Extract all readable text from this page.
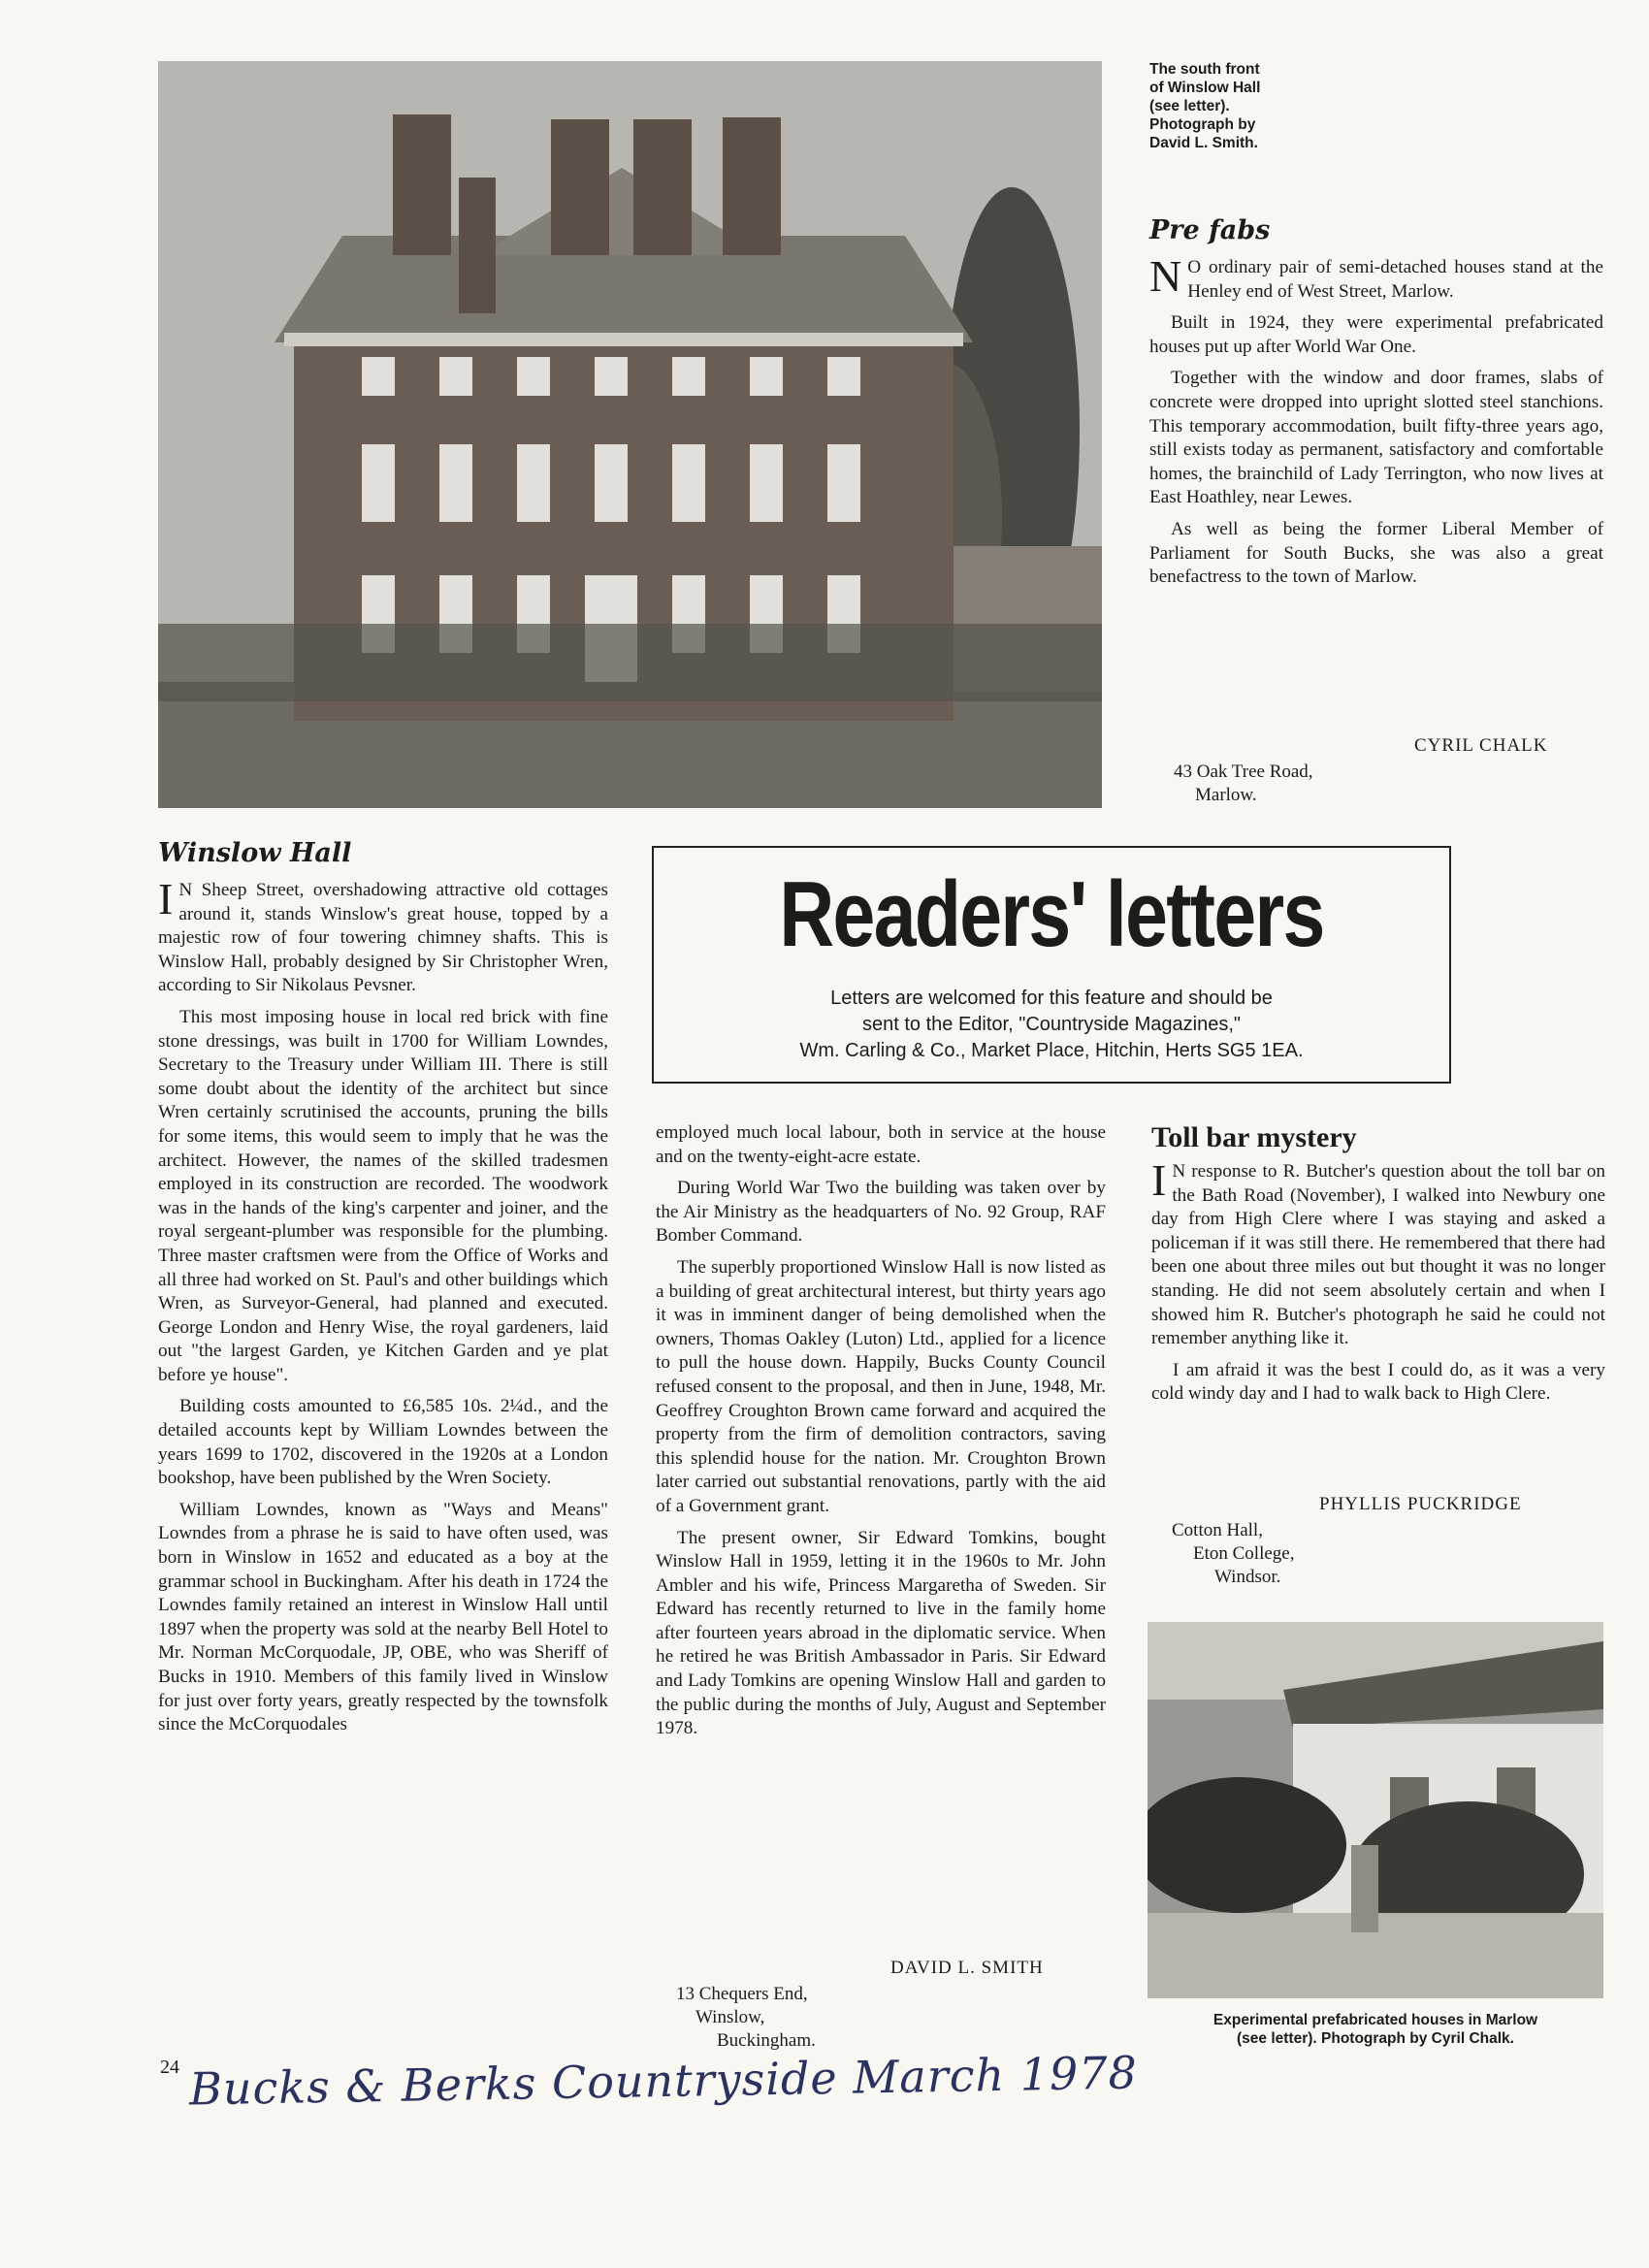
The south front
of Winslow Hall
(see letter).
Photograph by
David L. Smith.
Pre fabs

N O ordinary pair of semi-detached houses stand at the Henley end of West Street, Marlow.

Built in 1924, they were experimental prefabricated houses put up after World War One.

Together with the window and door frames, slabs of concrete were dropped into upright slotted steel stanchions. This temporary accommodation, built fifty-three years ago, still exists today as permanent, satisfactory and comfortable homes, the brainchild of Lady Terrington, who now lives at East Hoathley, near Lewes.

As well as being the former Liberal Member of Parliament for South Bucks, she was also a great benefactress to the town of Marlow.

CYRIL CHALK
43 Oak Tree Road,
Marlow.
Winslow Hall

I N Sheep Street, overshadowing attractive old cottages around it, stands Winslow's great house, topped by a majestic row of four towering chimney shafts. This is Winslow Hall, probably designed by Sir Christopher Wren, according to Sir Nikolaus Pevsner.

This most imposing house in local red brick with fine stone dressings, was built in 1700 for William Lowndes, Secretary to the Treasury under William III. There is still some doubt about the identity of the architect but since Wren certainly scrutinised the accounts, pruning the bills for some items, this would seem to imply that he was the architect. However, the names of the skilled tradesmen employed in its construction are recorded. The woodwork was in the hands of the king's carpenter and joiner, and the royal sergeant-plumber was responsible for the plumbing. Three master craftsmen were from the Office of Works and all three had worked on St. Paul's and other buildings which Wren, as Surveyor-General, had planned and executed. George London and Henry Wise, the royal gardeners, laid out "the largest Garden, ye Kitchen Garden and ye plat before ye house".

Building costs amounted to £6,585 10s. 2¼d., and the detailed accounts kept by William Lowndes between the years 1699 to 1702, discovered in the 1920s at a London bookshop, have been published by the Wren Society.

William Lowndes, known as "Ways and Means" Lowndes from a phrase he is said to have often used, was born in Winslow in 1652 and educated as a boy at the grammar school in Buckingham. After his death in 1724 the Lowndes family retained an interest in Winslow Hall until 1897 when the property was sold at the nearby Bell Hotel to Mr. Norman McCorquodale, JP, OBE, who was Sheriff of Bucks in 1910. Members of this family lived in Winslow for just over forty years, greatly respected by the townsfolk since the McCorquodales

employed much local labour, both in service at the house and on the twenty-eight-acre estate.

During World War Two the building was taken over by the Air Ministry as the headquarters of No. 92 Group, RAF Bomber Command.

The superbly proportioned Winslow Hall is now listed as a building of great architectural interest, but thirty years ago it was in imminent danger of being demolished when the owners, Thomas Oakley (Luton) Ltd., applied for a licence to pull the house down. Happily, Bucks County Council refused consent to the proposal, and then in June, 1948, Mr. Geoffrey Croughton Brown came forward and acquired the property from the firm of demolition contractors, saving this splendid house for the nation. Mr. Croughton Brown later carried out substantial renovations, partly with the aid of a Government grant.

The present owner, Sir Edward Tomkins, bought Winslow Hall in 1959, letting it in the 1960s to Mr. John Ambler and his wife, Princess Margaretha of Sweden. Sir Edward has recently returned to live in the family home after fourteen years abroad in the diplomatic service. When he retired he was British Ambassador in Paris. Sir Edward and Lady Tomkins are opening Winslow Hall and garden to the public during the months of July, August and September 1978.

DAVID L. SMITH
13 Chequers End,
Winslow,
Buckingham.
Readers' letters
Letters are welcomed for this feature and should be
sent to the Editor, "Countryside Magazines,"
Wm. Carling & Co., Market Place, Hitchin, Herts SG5 1EA.
Toll bar mystery

I N response to R. Butcher's question about the toll bar on the Bath Road (November), I walked into Newbury one day from High Clere where I was staying and asked a policeman if it was still there. He remembered that there had been one about three miles out but thought it was no longer standing. He did not seem absolutely certain and when I showed him R. Butcher's photograph he said he could not remember anything like it.

I am afraid it was the best I could do, as it was a very cold windy day and I had to walk back to High Clere.

PHYLLIS PUCKRIDGE
Cotton Hall,
Eton College,
Windsor.
Experimental prefabricated houses in Marlow
(see letter). Photograph by Cyril Chalk.
24 Bucks & Berks Countryside March 1978
